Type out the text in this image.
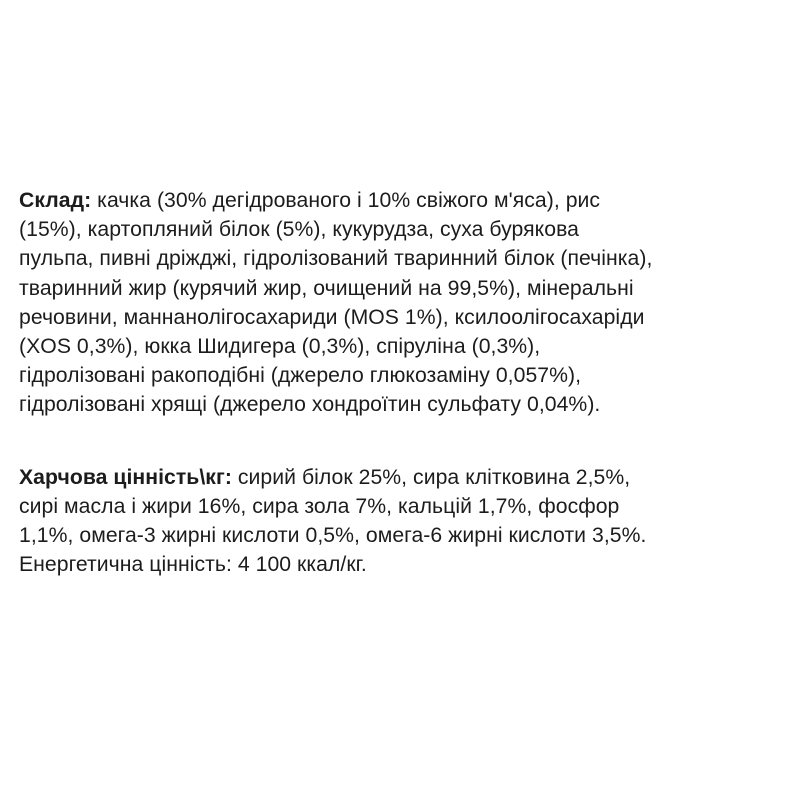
Склад: качка (30% дегідрованого і 10% свіжого м'яса), рис
(15%), картопляний білок (5%), кукурудза, суха бурякова
пульпа, пивні дріжджі, гідролізований тваринний білок (печінка),
тваринний жир (курячий жир, очищений на 99,5%), мінеральні
речовини, маннанолігосахариди (MOS 1%), ксилоолігосахаріди
(XOS 0,3%), юкка Шидигера (0,3%), спіруліна (0,3%),
гідролізовані ракоподібні (джерело глюкозаміну 0,057%),
гідролізовані хрящі (джерело хондроїтин сульфату 0,04%).

Харчова цінність\кг: сирий білок 25%, сира клітковина 2,5%,
сирі масла і жири 16%, сира зола 7%, кальцій 1,7%, фосфор
1,1%, омега-3 жирні кислоти 0,5%, омега-6 жирні кислоти 3,5%.
Енергетична цінність: 4 100 ккал/кг.
